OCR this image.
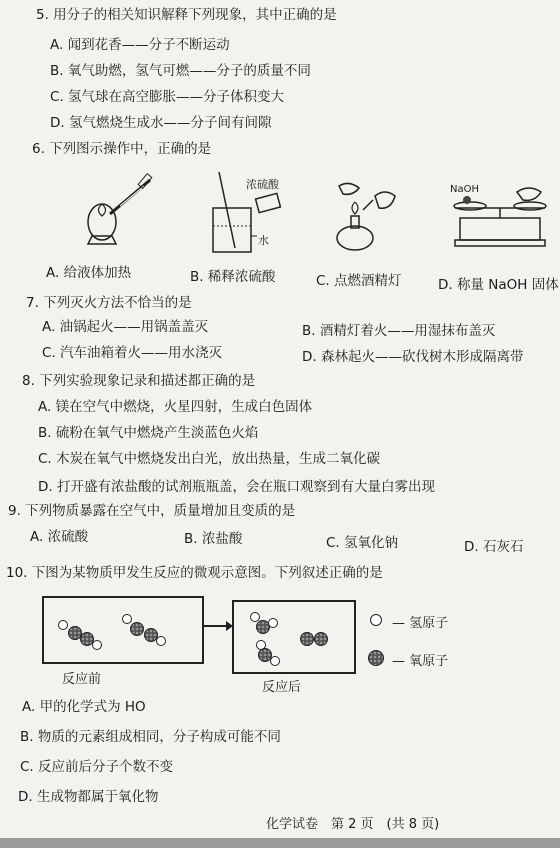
5. 用分子的相关知识解释下列现象，其中正确的是
A. 闻到花香——分子不断运动
B. 氧气助燃，氢气可燃——分子的质量不同
C. 氢气球在高空膨胀——分子体积变大
D. 氢气燃烧生成水——分子间有间隙
6. 下列图示操作中，正确的是
浓硫酸
水
NaOH
A. 给液体加热	B. 稀释浓硫酸	C. 点燃酒精灯	D. 称量 NaOH 固体
7. 下列灭火方法不恰当的是
A. 油锅起火——用锅盖盖灭	B. 酒精灯着火——用湿抹布盖灭
C. 汽车油箱着火——用水浇灭	D. 森林起火——砍伐树木形成隔离带
8. 下列实验现象记录和描述都正确的是
A. 镁在空气中燃烧，火星四射，生成白色固体
B. 硫粉在氧气中燃烧产生淡蓝色火焰
C. 木炭在氧气中燃烧发出白光，放出热量，生成二氧化碳
D. 打开盛有浓盐酸的试剂瓶瓶盖，会在瓶口观察到有大量白雾出现
9. 下列物质暴露在空气中，质量增加且变质的是
A. 浓硫酸	B. 浓盐酸	C. 氢氧化钠	D. 石灰石
10. 下图为某物质甲发生反应的微观示意图。下列叙述正确的是
反应前
反应后
— 氢原子
— 氧原子
A. 甲的化学式为 HO
B. 物质的元素组成相同，分子构成可能不同
C. 反应前后分子个数不变
D. 生成物都属于氧化物
化学试卷　第 2 页　(共 8 页)
